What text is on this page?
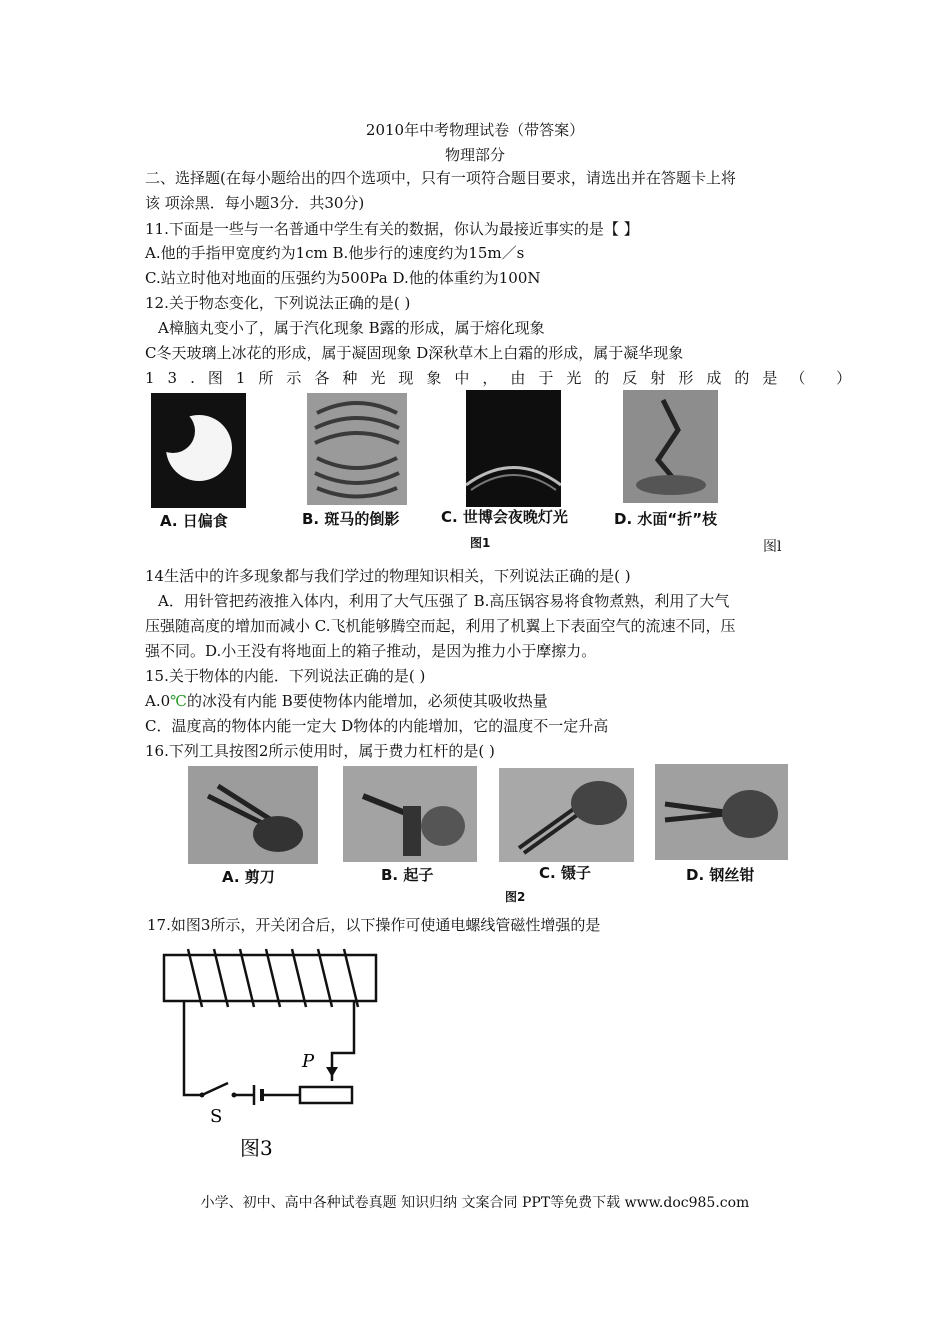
2010年中考物理试卷（带答案）
物理部分
二、选择题(在每小题给出的四个选项中，只有一项符合题目要求，请选出并在答题卡上将
该 项涂黑．每小题3分．共30分)
11.下面是一些与一名普通中学生有关的数据，你认为最接近事实的是【 】
A.他的手指甲宽度约为1cm B.他步行的速度约为15m／s
C.站立时他对地面的压强约为500Pa D.他的体重约为100N
12.关于物态变化，下列说法正确的是( )
A樟脑丸变小了，属于汽化现象 B露的形成，属于熔化现象
C冬天玻璃上冰花的形成，属于凝固现象 D深秋草木上白霜的形成，属于凝华现象
13.图1所示各种光现象中，由于光的反射形成的是（ ）
A. 日偏食	B. 斑马的倒影	C. 世博会夜晚灯光	D. 水面“折”枝
图1	图l
14生活中的许多现象都与我们学过的物理知识相关，下列说法正确的是( )
A．用针管把药液推入体内，利用了大气压强了 B.高压锅容易将食物煮熟，利用了大气
压强随高度的增加而减小 C.飞机能够腾空而起，利用了机翼上下表面空气的流速不同，压
强不同。D.小王没有将地面上的箱子推动，是因为推力小于摩擦力。
15.关于物体的内能．下列说法正确的是( )
A.0℃的冰没有内能 B要使物体内能增加，必须使其吸收热量
C．温度高的物体内能一定大 D物体的内能增加，它的温度不一定升高
16.下列工具按图2所示使用时，属于费力杠杆的是( )
A. 剪刀	B. 起子	C. 镊子	D. 钢丝钳
图2
17.如图3所示，开关闭合后，以下操作可使通电螺线管磁性增强的是
P
S
图3
小学、初中、高中各种试卷真题 知识归纳 文案合同 PPT等免费下载 www.doc985.com
